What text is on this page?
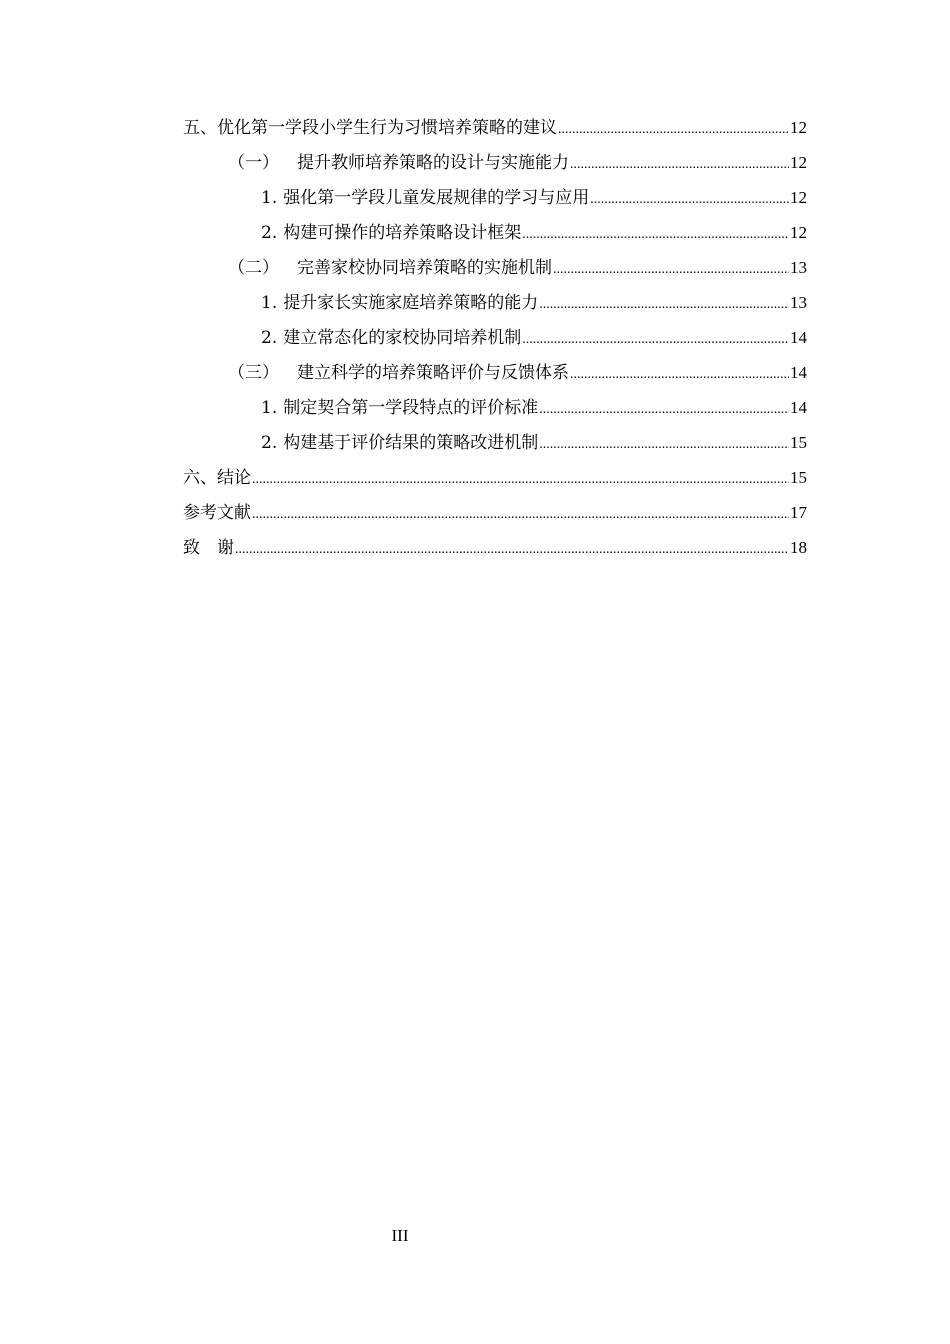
五、优化第一学段小学生行为习惯培养策略的建议 .....	12
（一） 提升教师培养策略的设计与实施能力 .....	12
1. 强化第一学段儿童发展规律的学习与应用 .....	12
2. 构建可操作的培养策略设计框架 .....	12
（二） 完善家校协同培养策略的实施机制 .....	13
1. 提升家长实施家庭培养策略的能力 .....	13
2. 建立常态化的家校协同培养机制 .....	14
（三） 建立科学的培养策略评价与反馈体系 .....	14
1. 制定契合第一学段特点的评价标准 .....	14
2. 构建基于评价结果的策略改进机制 .....	15
六、结论 .....	15
参考文献 .....	17
致　谢 .....	18
III
